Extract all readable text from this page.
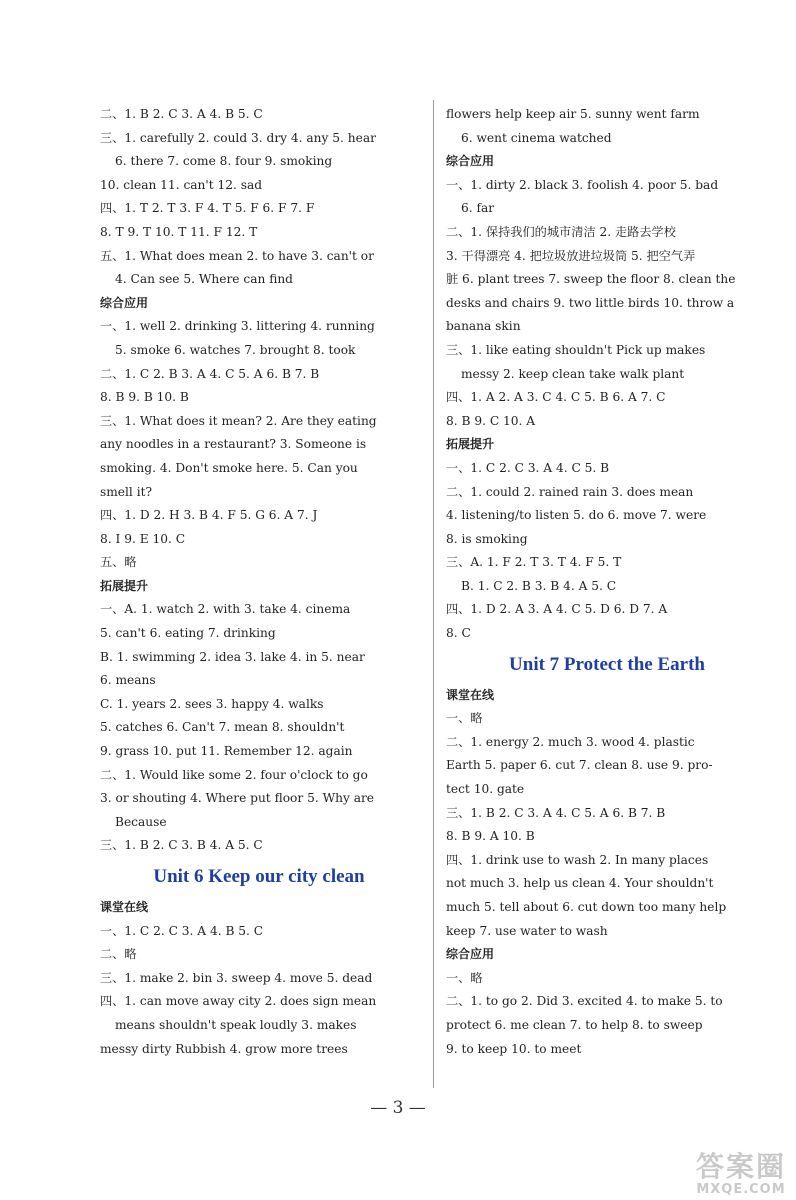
二、1. B 2. C 3. A 4. B 5. C
三、1. carefully 2. could 3. dry 4. any 5. hear
6. there 7. come 8. four 9. smoking
10. clean 11. can't 12. sad
四、1. T 2. T 3. F 4. T 5. F 6. F 7. F
8. T 9. T 10. T 11. F 12. T
五、1. What does mean 2. to have 3. can't or
4. Can see 5. Where can find
综合应用
一、1. well 2. drinking 3. littering 4. running
5. smoke 6. watches 7. brought 8. took
二、1. C 2. B 3. A 4. C 5. A 6. B 7. B
8. B 9. B 10. B
三、1. What does it mean? 2. Are they eating
any noodles in a restaurant? 3. Someone is
smoking. 4. Don't smoke here. 5. Can you
smell it?
四、1. D 2. H 3. B 4. F 5. G 6. A 7. J
8. I 9. E 10. C
五、略
拓展提升
一、A. 1. watch 2. with 3. take 4. cinema
5. can't 6. eating 7. drinking
B. 1. swimming 2. idea 3. lake 4. in 5. near
6. means
C. 1. years 2. sees 3. happy 4. walks
5. catches 6. Can't 7. mean 8. shouldn't
9. grass 10. put 11. Remember 12. again
二、1. Would like some 2. four o'clock to go
3. or shouting 4. Where put floor 5. Why are
Because
三、1. B 2. C 3. B 4. A 5. C
Unit 6 Keep our city clean
课堂在线
一、1. C 2. C 3. A 4. B 5. C
二、略
三、1. make 2. bin 3. sweep 4. move 5. dead
四、1. can move away city 2. does sign mean
means shouldn't speak loudly 3. makes
messy dirty Rubbish 4. grow more trees
flowers help keep air 5. sunny went farm
6. went cinema watched
综合应用
一、1. dirty 2. black 3. foolish 4. poor 5. bad
6. far
二、1. 保持我们的城市清洁 2. 走路去学校
3. 干得漂亮 4. 把垃圾放进垃圾筒 5. 把空气弄
脏 6. plant trees 7. sweep the floor 8. clean the
desks and chairs 9. two little birds 10. throw a
banana skin
三、1. like eating shouldn't Pick up makes
messy 2. keep clean take walk plant
四、1. A 2. A 3. C 4. C 5. B 6. A 7. C
8. B 9. C 10. A
拓展提升
一、1. C 2. C 3. A 4. C 5. B
二、1. could 2. rained rain 3. does mean
4. listening/to listen 5. do 6. move 7. were
8. is smoking
三、A. 1. F 2. T 3. T 4. F 5. T
B. 1. C 2. B 3. B 4. A 5. C
四、1. D 2. A 3. A 4. C 5. D 6. D 7. A
8. C
Unit 7 Protect the Earth
课堂在线
一、略
二、1. energy 2. much 3. wood 4. plastic
Earth 5. paper 6. cut 7. clean 8. use 9. pro-
tect 10. gate
三、1. B 2. C 3. A 4. C 5. A 6. B 7. B
8. B 9. A 10. B
四、1. drink use to wash 2. In many places
not much 3. help us clean 4. Your shouldn't
much 5. tell about 6. cut down too many help
keep 7. use water to wash
综合应用
一、略
二、1. to go 2. Did 3. excited 4. to make 5. to
protect 6. me clean 7. to help 8. to sweep
9. to keep 10. to meet
— 3 —
答案圈
MXQE.COM
